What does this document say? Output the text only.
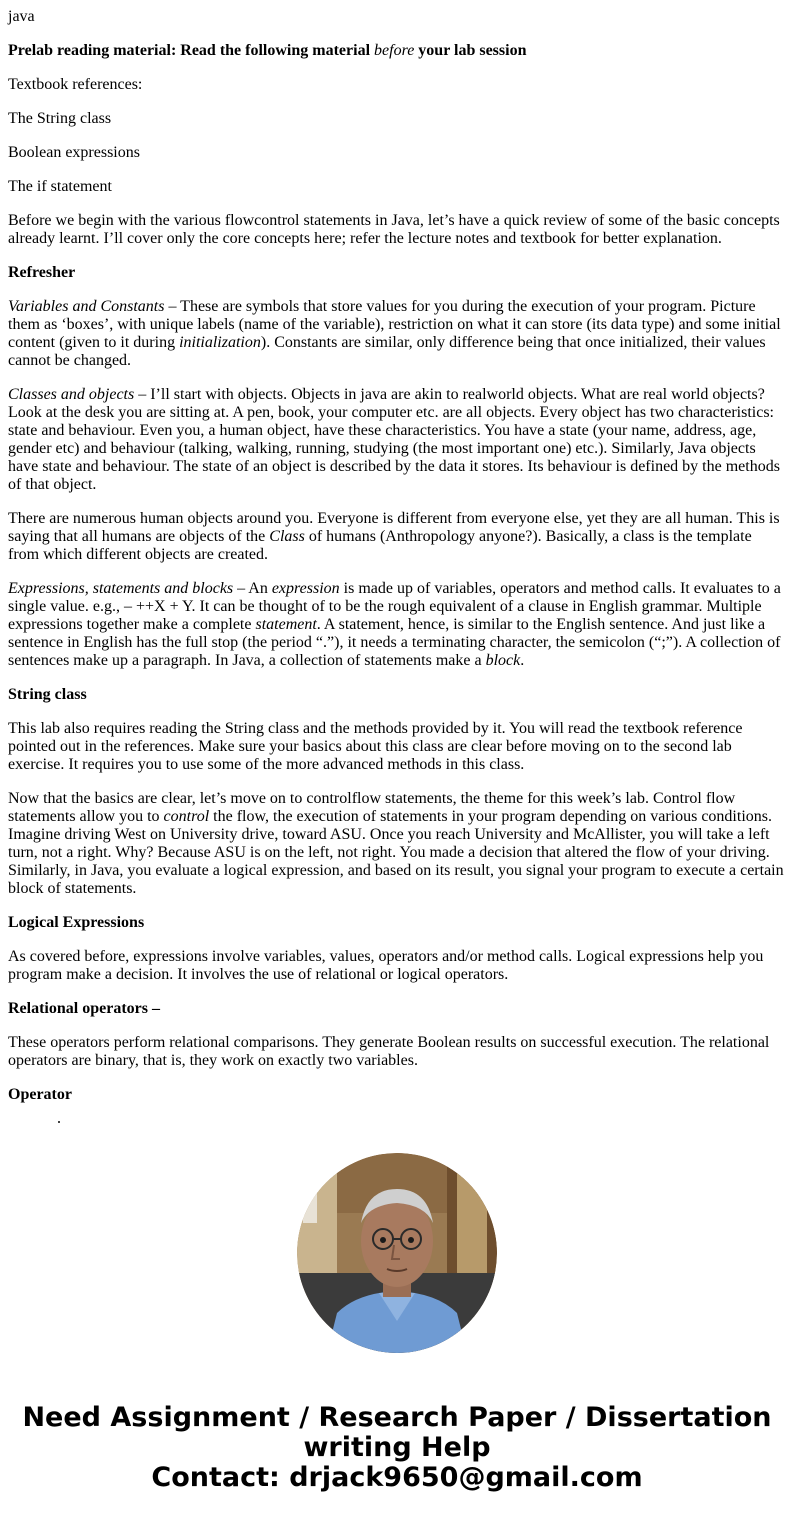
java

Prelab reading material: Read the following material before your lab session

Textbook references:

The String class

Boolean expressions

The if statement

Before we begin with the various flowcontrol statements in Java, let’s have a quick review of some of the basic concepts already learnt. I’ll cover only the core concepts here; refer the lecture notes and textbook for better explanation.

Refresher

Variables and Constants – These are symbols that store values for you during the execution of your program. Picture them as ‘boxes’, with unique labels (name of the variable), restriction on what it can store (its data type) and some initial content (given to it during initialization). Constants are similar, only difference being that once initialized, their values cannot be changed.

Classes and objects – I’ll start with objects. Objects in java are akin to realworld objects. What are real world objects? Look at the desk you are sitting at. A pen, book, your computer etc. are all objects. Every object has two characteristics: state and behaviour. Even you, a human object, have these characteristics. You have a state (your name, address, age, gender etc) and behaviour (talking, walking, running, studying (the most important one) etc.). Similarly, Java objects have state and behaviour. The state of an object is described by the data it stores. Its behaviour is defined by the methods of that object.

There are numerous human objects around you. Everyone is different from everyone else, yet they are all human. This is saying that all humans are objects of the Class of humans (Anthropology anyone?). Basically, a class is the template from which different objects are created.

Expressions, statements and blocks – An expression is made up of variables, operators and method calls. It evaluates to a single value. e.g., – ++X + Y. It can be thought of to be the rough equivalent of a clause in English grammar. Multiple expressions together make a complete statement. A statement, hence, is similar to the English sentence. And just like a sentence in English has the full stop (the period “.”), it needs a terminating character, the semicolon (“;”). A collection of sentences make up a paragraph. In Java, a collection of statements make a block.

String class

This lab also requires reading the String class and the methods provided by it. You will read the textbook reference pointed out in the references. Make sure your basics about this class are clear before moving on to the second lab exercise. It requires you to use some of the more advanced methods in this class.

Now that the basics are clear, let’s move on to controlflow statements, the theme for this week’s lab. Control flow statements allow you to control the flow, the execution of statements in your program depending on various conditions. Imagine driving West on University drive, toward ASU. Once you reach University and McAllister, you will take a left turn, not a right. Why? Because ASU is on the left, not right. You made a decision that altered the flow of your driving. Similarly, in Java, you evaluate a logical expression, and based on its result, you signal your program to execute a certain block of statements.

Logical Expressions

As covered before, expressions involve variables, values, operators and/or method calls. Logical expressions help you program make a decision. It involves the use of relational or logical operators.

Relational operators –

These operators perform relational comparisons. They generate Boolean results on successful execution. The relational operators are binary, that is, they work on exactly two variables.

Operator

Need Assignment / Research Paper / Dissertation
writing Help
Contact: drjack9650@gmail.com
